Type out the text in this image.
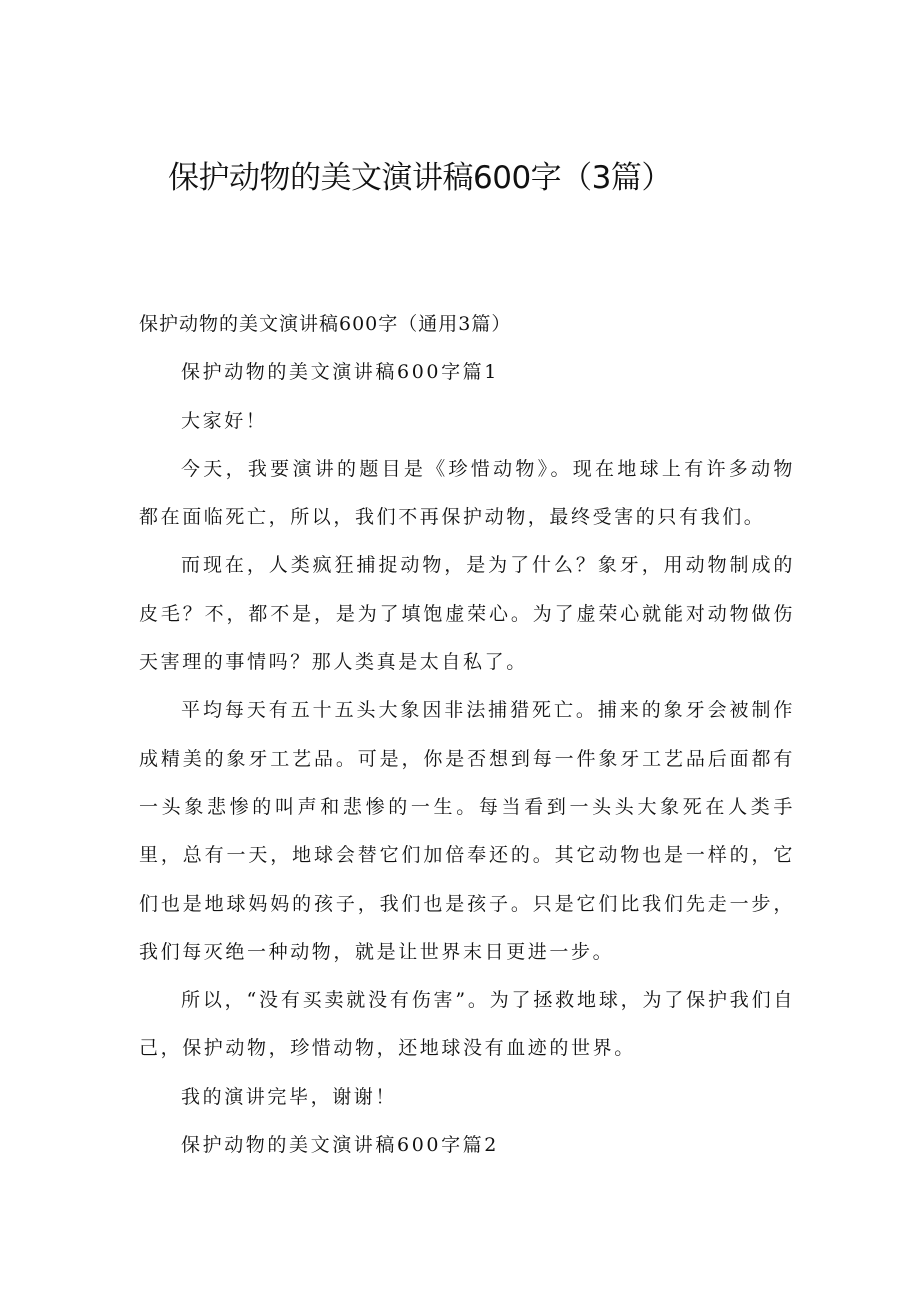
保护动物的美文演讲稿600字（3篇）

保护动物的美文演讲稿600字（通用3篇）

保护动物的美文演讲稿600字篇1

大家好！

今天，我要演讲的题目是《珍惜动物》。现在地球上有许多动物都在面临死亡，所以，我们不再保护动物，最终受害的只有我们。

而现在，人类疯狂捕捉动物，是为了什么？象牙，用动物制成的皮毛？不，都不是，是为了填饱虚荣心。为了虚荣心就能对动物做伤天害理的事情吗？那人类真是太自私了。

平均每天有五十五头大象因非法捕猎死亡。捕来的象牙会被制作成精美的象牙工艺品。可是，你是否想到每一件象牙工艺品后面都有一头象悲惨的叫声和悲惨的一生。每当看到一头头大象死在人类手里，总有一天，地球会替它们加倍奉还的。其它动物也是一样的，它们也是地球妈妈的孩子，我们也是孩子。只是它们比我们先走一步，我们每灭绝一种动物，就是让世界末日更进一步。

所以，“没有买卖就没有伤害”。为了拯救地球，为了保护我们自己，保护动物，珍惜动物，还地球没有血迹的世界。

我的演讲完毕，谢谢！

保护动物的美文演讲稿600字篇2
